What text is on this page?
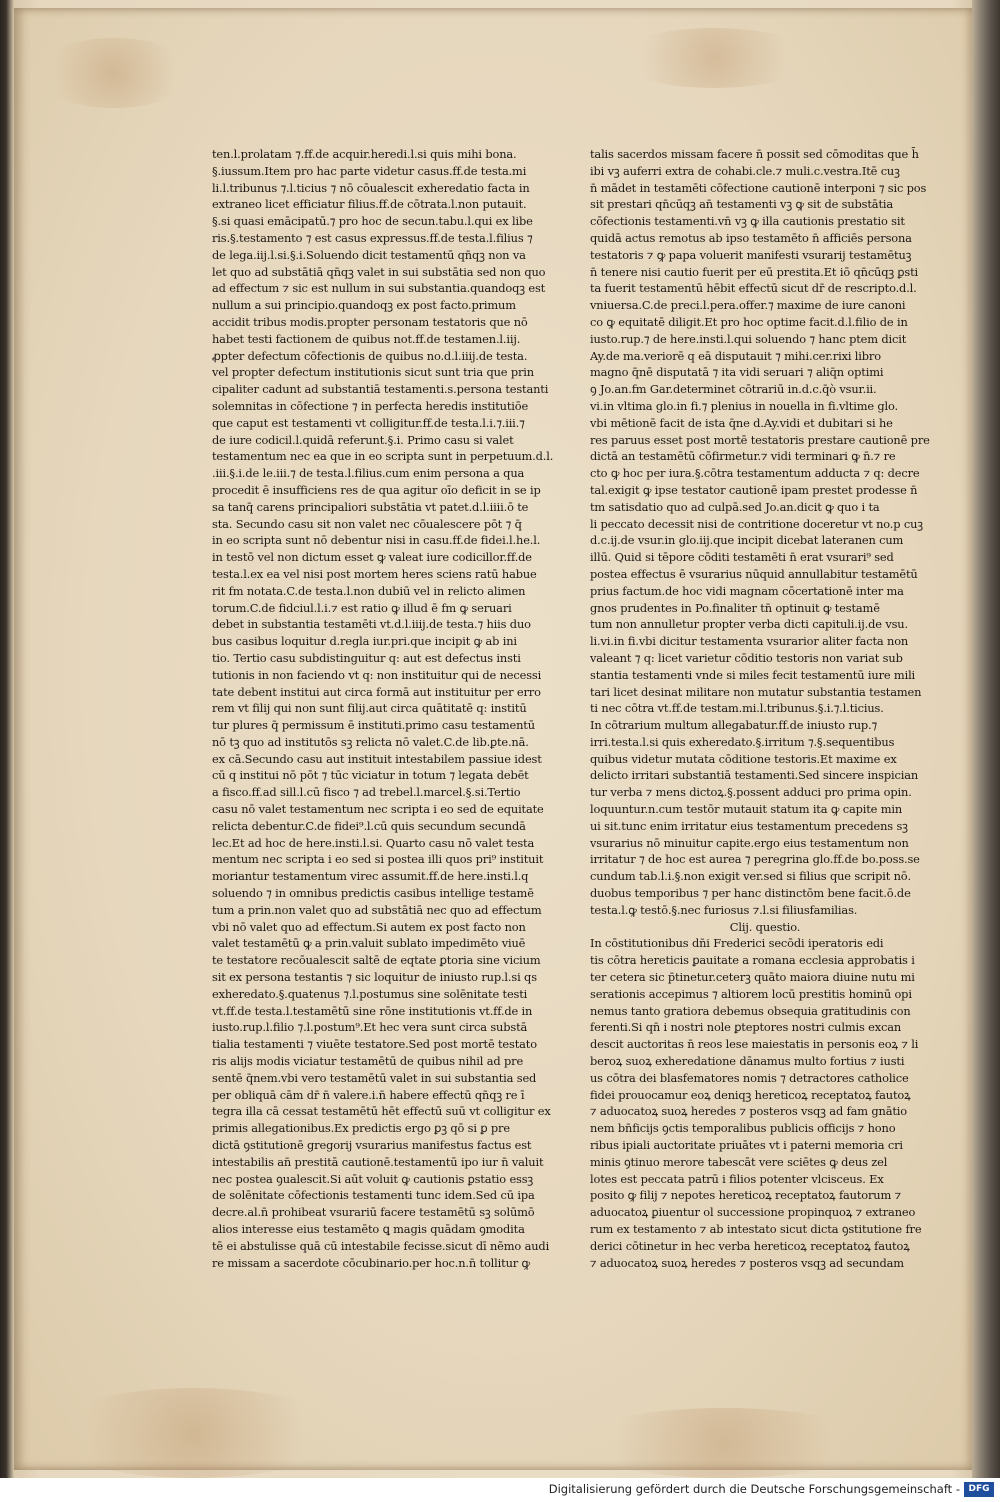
ten.l.prolatam ⁊.ff.de acquir.heredi.l.si quis mihi bona.
§.iussum.Item pro hac parte videtur casus.ff.de testa.mi
li.l.tribunus ⁊.l.ticius ⁊ nō cōualescit exheredatio facta in
extraneo licet efficiatur filius.ff.de cōtrata.l.non putauit.
§.si quasi emācipatū.⁊ pro hoc de secun.tabu.l.qui ex libe
ris.§.testamento ⁊ est casus expressus.ff.de testa.l.filius ⁊
de lega.iij.l.si.§.i.Soluendo dicit testamentū qn̄qꝫ non va
let quo ad substātiā qn̄qꝫ valet in sui substātia sed non quo
ad effectum ⁊ sic est nullum in sui substantia.quandoqꝫ est
nullum a sui principio.quandoqꝫ ex post facto.primum
accidit tribus modis.propter personam testatoris que nō
habet testi factionem de quibus not.ff.de testamen.l.iij.
ꝓpter defectum cōfectionis de quibus no.d.l.iiij.de testa.
vel propter defectum institutionis sicut sunt tria que prin
cipaliter cadunt ad substantiā testamenti.s.persona testanti
solemnitas in cōfectione ⁊ in perfecta heredis institutiōe
que caput est testamenti vt colligitur.ff.de testa.l.i.⁊.iii.⁊
de iure codicil.l.quidā referunt.§.i. Primo casu si valet
testamentum nec ea que in eo scripta sunt in perpetuum.d.l.
.iii.§.i.de le.iii.⁊ de testa.l.filius.cum enim persona a qua
procedit ē insufficiens res de qua agitur oīo deficit in se ip
sa tanq̄ carens principaliori substātia vt patet.d.l.iiii.ō te
sta. Secundo casu sit non valet nec cōualescere pōt ⁊ q̄
in eo scripta sunt nō debentur nisi in casu.ff.de fidei.l.he.l.
in testō vel non dictum esset ꝙ valeat iure codicillor.ff.de
testa.l.ex ea vel nisi post mortem heres sciens ratū habue
rit fm notata.C.de testa.l.non dubiū vel in relicto alimen
torum.C.de fidciul.l.i.⁊ est ratio ꝙ illud ē fm ꝙ seruari
debet in substantia testamēti vt.d.l.iiij.de testa.⁊ hiis duo
bus casibus loquitur d.regla iur.pri.que incipit ꝙ ab ini
tio. Tertio casu subdistinguitur q: aut est defectus insti
tutionis in non faciendo vt q: non instituitur qui de necessi
tate debent institui aut circa formā aut instituitur per erro
rem vt filij qui non sunt filij.aut circa quātitatē q: institū
tur plures q̄ permissum ē instituti.primo casu testamentū
nō tꝫ quo ad institutōs sꝫ relicta nō valet.C.de lib.ꝑte.nā.
ex cā.Secundo casu aut instituit intestabilem passiue idest
cū q institui nō pōt ⁊ tūc viciatur in totum ⁊ legata debēt
a fisco.ff.ad sill.l.cū fisco ⁊ ad trebel.l.marcel.§.si.Tertio
casu nō valet testamentum nec scripta i eo sed de equitate
relicta debentur.C.de fidei⁹.l.cū quis secundum secundā
lec.Et ad hoc de here.insti.l.si. Quarto casu nō valet testa
mentum nec scripta i eo sed si postea illi quos pri⁹ instituit
moriantur testamentum virec assumit.ff.de here.insti.l.q
soluendo ⁊ in omnibus predictis casibus intellige testamē
tum a prin.non valet quo ad substātiā nec quo ad effectum
vbi nō valet quo ad effectum.Si autem ex post facto non
valet testamētū ꝙ a prin.valuit sublato impedimēto viuē
te testatore recōualescit saltē de eqtate ꝑtoria sine vicium
sit ex persona testantis ⁊ sic loquitur de iniusto rup.l.si qs
exheredato.§.quatenus ⁊.l.postumus sine solēnitate testi
vt.ff.de testa.l.testamētū sine rōne institutionis vt.ff.de in
iusto.rup.l.filio ⁊.l.postum⁹.Et hec vera sunt circa substā
tialia testamenti ⁊ viuēte testatore.Sed post mortē testato
ris alijs modis viciatur testamētū de quibus nihil ad pre
sentē q̄nem.vbi vero testamētū valet in sui substantia sed
per obliquā cām dr̄ n̄ valere.i.n̄ habere effectū qn̄qꝫ re ī
tegra illa cā cessat testamētū hēt effectū suū vt colligitur ex
primis allegationibus.Ex predictis ergo ꝑꝫ qō si ꝑ pre
dictā ꝯstitutionē gregorij vsurarius manifestus factus est
intestabilis an̄ prestitā cautionē.testamentū ipo iur n̄ valuit
nec postea ꝯualescit.Si aūt voluit ꝙ cautionis ꝑstatio essꝫ
de solēnitate cōfectionis testamenti tunc idem.Sed cū ipa
decre.al.n̄ prohibeat vsurariū facere testamētū sꝫ solūmō
alios interesse eius testamēto ꝗ magis quādam ꝯmodita
tē ei abstulisse quā cū intestabile fecisse.sicut dī nēmo audi
re missam a sacerdote cōcubinario.per hoc.n.n̄ tollitur ꝙ
talis sacerdos missam facere n̄ possit sed cōmoditas que h̄
ibi vꝫ auferri extra de cohabi.cle.⁊ muli.c.vestra.Itē cuꝫ
n̄ mādet in testamēti cōfectione cautionē interponi ⁊ sic pos
sit prestari qn̄cūqꝫ an̄ testamenti vꝫ ꝙ sit de substātia
cōfectionis testamenti.vn̄ vꝫ ꝙ illa cautionis prestatio sit
quidā actus remotus ab ipso testamēto n̄ afficiēs persona
testatoris ⁊ ꝙ papa voluerit manifesti vsurarij testamētuꝫ
n̄ tenere nisi cautio fuerit per eū prestita.Et iō qn̄cūqꝫ ꝑsti
ta fuerit testamentū hēbit effectū sicut dr̄ de rescripto.d.l.
vniuersa.C.de preci.l.pera.offer.⁊ maxime de iure canoni
co ꝙ equitatē diligit.Et pro hoc optime facit.d.l.filio de in
iusto.rup.⁊ de here.insti.l.qui soluendo ⁊ hanc ptem dicit
Ay.de ma.veriorē q eā disputauit ⁊ mihi.cer.rixi libro
magno q̄nē disputatā ⁊ ita vidi seruari ⁊ aliq̄n optimi
ꝯ Jo.an.fm Gar.determinet cōtrariū in.d.c.q̄ò vsur.ii.
vi.in vltima glo.in fi.⁊ plenius in nouella in fi.vltime glo.
vbi mētionē facit de ista q̄ne d.Ay.vidi et dubitari si he
res paruus esset post mortē testatoris prestare cautionē pre
dictā an testamētū cōfirmetur.⁊ vidi terminari ꝙ n̄.⁊ re
cto ꝙ hoc per iura.§.cōtra testamentum adducta ⁊ q: decre
tal.exigit ꝙ ipse testator cautionē ipam prestet prodesse n̄
tm satisdatio quo ad culpā.sed Jo.an.dicit ꝙ quo i ta
li peccato decessit nisi de contritione doceretur vt no.p cuꝫ
d.c.ij.de vsur.in glo.iij.que incipit dicebat lateranen cum
illū. Quid si tēpore cōditi testamēti n̄ erat vsurari⁹ sed
postea effectus ē vsurarius nūquid annullabitur testamētū
prius factum.de hoc vidi magnam cōcertationē inter ma
gnos prudentes in Po.finaliter tn̄ optinuit ꝙ testamē
tum non annulletur propter verba dicti capituli.ij.de vsu.
li.vi.in fi.vbi dicitur testamenta vsurarior aliter facta non
valeant ⁊ q: licet varietur cōditio testoris non variat sub
stantia testamenti vnde si miles fecit testamentū iure mili
tari licet desinat militare non mutatur substantia testamen
ti nec cōtra vt.ff.de testam.mi.l.tribunus.§.i.⁊.l.ticius.
In cōtrarium multum allegabatur.ff.de iniusto rup.⁊
irri.testa.l.si quis exheredato.§.irritum ⁊.§.sequentibus
quibus videtur mutata cōditione testoris.Et maxime ex
delicto irritari substantiā testamenti.Sed sincere inspician
tur verba ⁊ mens dictoꝝ.§.possent adduci pro prima opin.
loquuntur.n.cum testōr mutauit statum ita ꝙ capite min
ui sit.tunc enim irritatur eius testamentum precedens sꝫ
vsurarius nō minuitur capite.ergo eius testamentum non
irritatur ⁊ de hoc est aurea ⁊ peregrina glo.ff.de bo.poss.se
cundum tab.l.i.§.non exigit ver.sed si filius que scripit nō.
duobus temporibus ⁊ per hanc distinctōm bene facit.ō.de
testa.l.ꝙ testō.§.nec furiosus ⁊.l.si filiusfamilias.
Clij. questio.
In cōstitutionibus dn̄i Frederici secōdi iperatoris edi
tis cōtra hereticis ꝑauitate a romana ecclesia approbatis i
ter cetera sic p̄tinetur.ceterꝫ quāto maiora diuine nutu mi
serationis accepimus ⁊ altiorem locū prestitis hominū opi
nemus tanto gratiora debemus obsequia gratitudinis con
ferenti.Si qn̄ i nostri nole ꝑteptores nostri culmis excan
descit auctoritas n̄ reos lese maiestatis in personis eoꝝ ⁊ li
beroꝝ suoꝝ exheredatione dānamus multo fortius ⁊ iusti
us cōtra dei blasfematores nomis ⁊ detractores catholice
fidei prouocamur eoꝝ deniqꝫ hereticoꝝ receptatoꝝ fautoꝝ
⁊ aduocatoꝝ suoꝝ heredes ⁊ posteros vsqꝫ ad fam gnātio
nem bn̄ficijs ꝯctis temporalibus publicis officijs ⁊ hono
ribus ipiali auctoritate priuātes vt i paterni memoria cri
minis ꝯtinuo merore tabescāt vere sciētes ꝙ deus zel
lotes est peccata patrū i filios potenter vlcisceus. Ex
posito ꝙ filij ⁊ nepotes hereticoꝝ receptatoꝝ fautorum ⁊
aduocatoꝝ ꝑiuentur ol successione propinquoꝝ ⁊ extraneo
rum ex testamento ⁊ ab intestato sicut dicta ꝯstitutione fre
derici cōtinetur in hec verba hereticoꝝ receptatoꝝ fautoꝝ
⁊ aduocatoꝝ suoꝝ heredes ⁊ posteros vsqꝫ ad secundam
Digitalisierung gefördert durch die Deutsche Forschungsgemeinschaft - DFG
